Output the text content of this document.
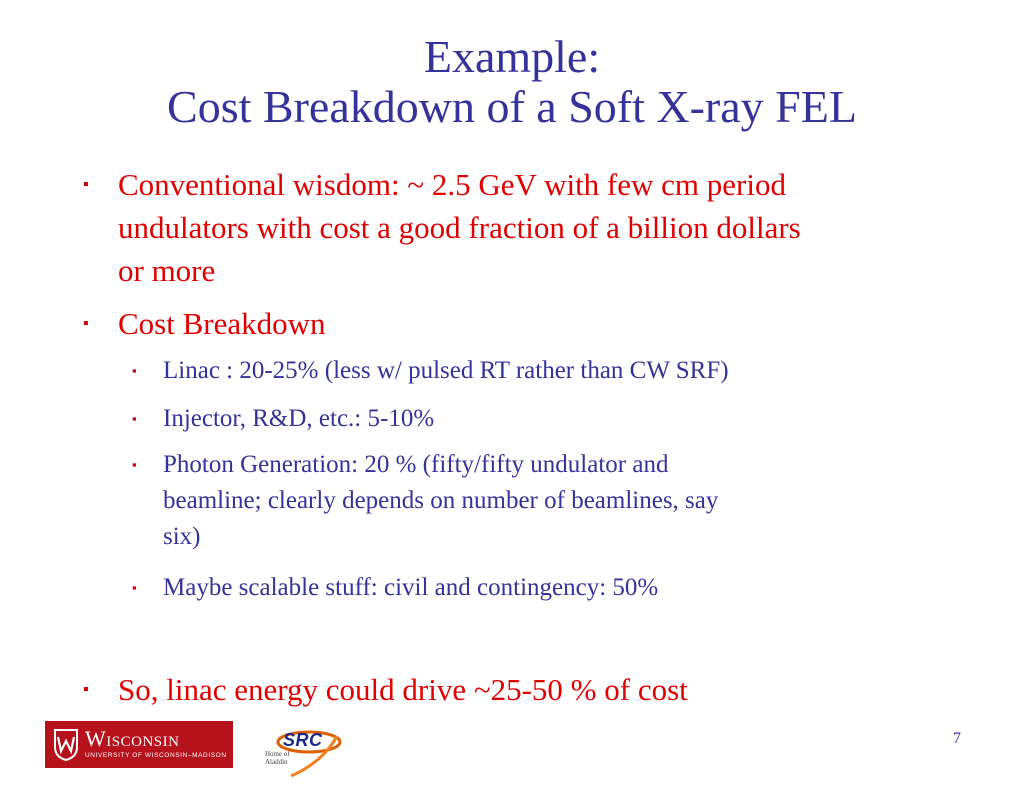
Example:
Cost Breakdown of a Soft X-ray FEL
▪ Conventional wisdom: ~ 2.5 GeV with few cm period
undulators with cost a good fraction of a billion dollars
or more
▪ Cost Breakdown
▪ Linac : 20-25% (less w/ pulsed RT rather than CW SRF)
▪ Injector, R&D, etc.: 5-10%
▪ Photon Generation: 20 % (fifty/fifty undulator and
beamline; clearly depends on number of beamlines, say
six)
▪ Maybe scalable stuff: civil and contingency: 50%
▪ So, linac energy could drive ~25-50 % of cost
Wisconsin
UNIVERSITY OF WISCONSIN–MADISON
SRC
Home of Aladdin
7
